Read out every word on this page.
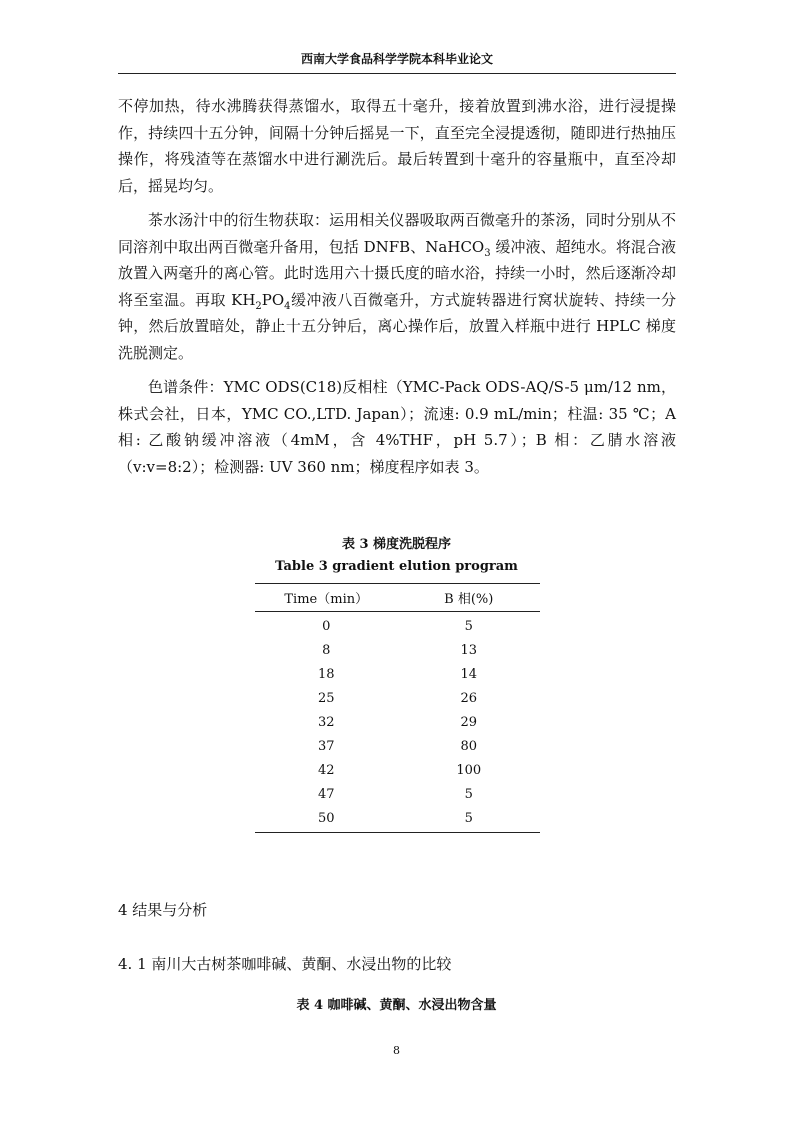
西南大学食品科学学院本科毕业论文

不停加热，待水沸腾获得蒸馏水，取得五十毫升，接着放置到沸水浴，进行浸提操作，持续四十五分钟，间隔十分钟后摇晃一下，直至完全浸提透彻，随即进行热抽压操作，将残渣等在蒸馏水中进行涮洗后。最后转置到十毫升的容量瓶中，直至冷却后，摇晃均匀。

茶水汤汁中的衍生物获取：运用相关仪器吸取两百微毫升的茶汤，同时分别从不同溶剂中取出两百微毫升备用，包括 DNFB、NaHCO$_3$ 缓冲液、超纯水。将混合液放置入两毫升的离心管。此时选用六十摄氏度的暗水浴，持续一小时，然后逐渐冷却将至室温。再取 $KH_2PO_4$缓冲液八百微毫升，方式旋转器进行窝状旋转、持续一分钟，然后放置暗处，静止十五分钟后，离心操作后，放置入样瓶中进行 HPLC 梯度洗脱测定。

色谱条件：YMC ODS(C18)反相柱（YMC-Pack ODS-AQ/S-5 μm/12 nm，株式会社，日本，YMC CO.,LTD. Japan）；流速: 0.9 mL/min；柱温: 35 ℃；A 相: 乙酸钠缓冲溶液（4mM，含 4%THF，pH 5.7）；B 相：乙腈水溶液（v:v=8:2）；检测器: UV 360 nm；梯度程序如表 3。

表 3 梯度洗脱程序
Table 3 gradient elution program
Time（min）	B 相(%)
0	5
8	13
18	14
25	26
32	29
37	80
42	100
47	5
50	5
4 结果与分析
4. 1 南川大古树茶咖啡碱、黄酮、水浸出物的比较
表 4 咖啡碱、黄酮、水浸出物含量
8
